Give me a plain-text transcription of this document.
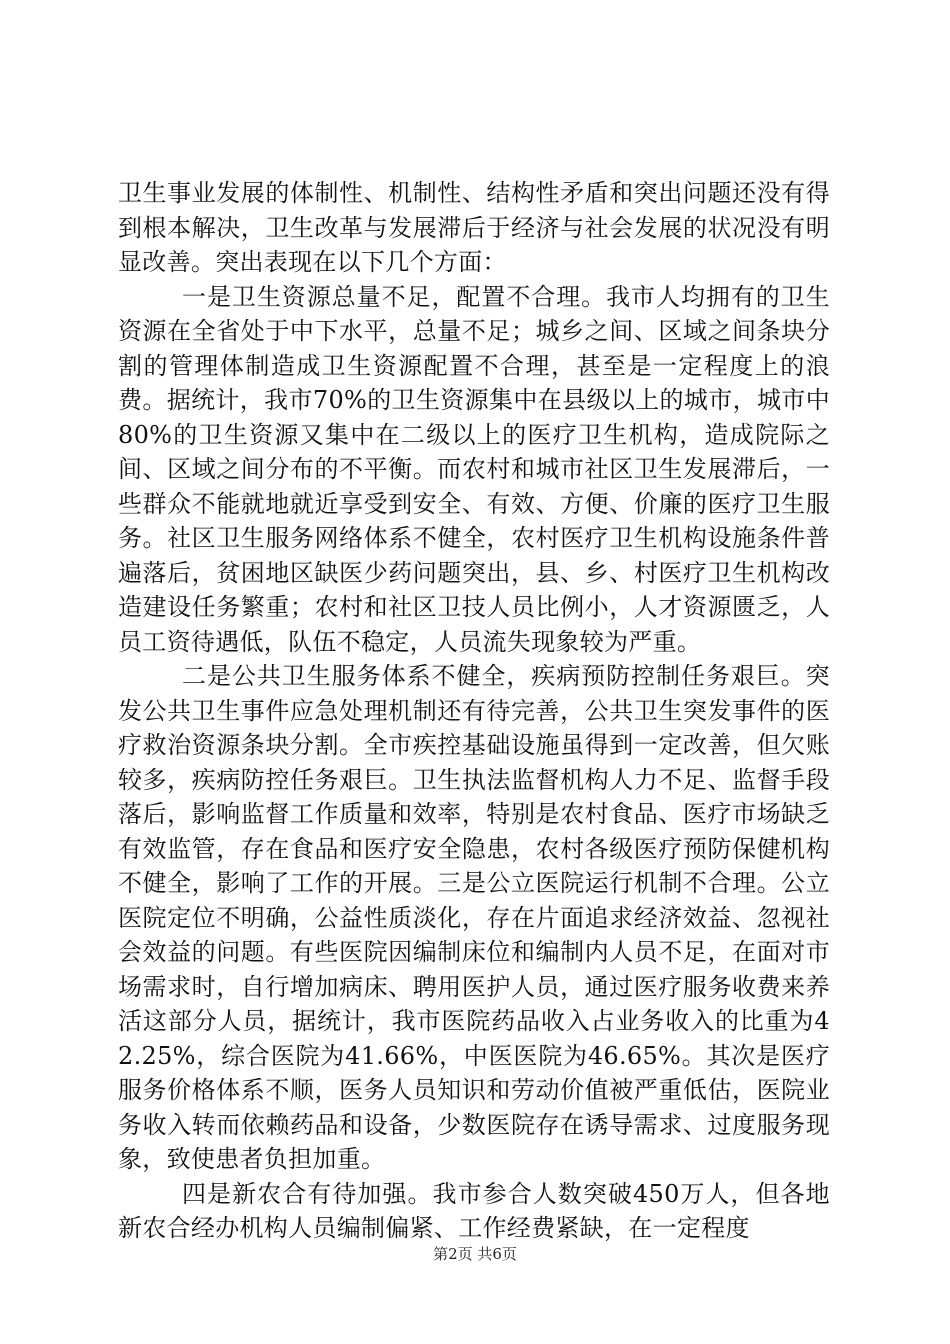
卫生事业发展的体制性、机制性、结构性矛盾和突出问题还没有得到根本解决，卫生改革与发展滞后于经济与社会发展的状况没有明显改善。突出表现在以下几个方面：

一是卫生资源总量不足，配置不合理。我市人均拥有的卫生资源在全省处于中下水平，总量不足；城乡之间、区域之间条块分割的管理体制造成卫生资源配置不合理，甚至是一定程度上的浪费。据统计，我市70%的卫生资源集中在县级以上的城市，城市中80%的卫生资源又集中在二级以上的医疗卫生机构，造成院际之间、区域之间分布的不平衡。而农村和城市社区卫生发展滞后，一些群众不能就地就近享受到安全、有效、方便、价廉的医疗卫生服务。社区卫生服务网络体系不健全，农村医疗卫生机构设施条件普遍落后，贫困地区缺医少药问题突出，县、乡、村医疗卫生机构改造建设任务繁重；农村和社区卫技人员比例小，人才资源匮乏，人员工资待遇低，队伍不稳定，人员流失现象较为严重。

二是公共卫生服务体系不健全，疾病预防控制任务艰巨。突发公共卫生事件应急处理机制还有待完善，公共卫生突发事件的医疗救治资源条块分割。全市疾控基础设施虽得到一定改善，但欠账较多，疾病防控任务艰巨。卫生执法监督机构人力不足、监督手段落后，影响监督工作质量和效率，特别是农村食品、医疗市场缺乏有效监管，存在食品和医疗安全隐患，农村各级医疗预防保健机构不健全，影响了工作的开展。三是公立医院运行机制不合理。公立医院定位不明确，公益性质淡化，存在片面追求经济效益、忽视社会效益的问题。有些医院因编制床位和编制内人员不足，在面对市场需求时，自行增加病床、聘用医护人员，通过医疗服务收费来养活这部分人员，据统计，我市医院药品收入占业务收入的比重为42.25%，综合医院为41.66%，中医医院为46.65%。其次是医疗服务价格体系不顺，医务人员知识和劳动价值被严重低估，医院业务收入转而依赖药品和设备，少数医院存在诱导需求、过度服务现象，致使患者负担加重。

四是新农合有待加强。我市参合人数突破450万人，但各地新农合经办机构人员编制偏紧、工作经费紧缺，在一定程度

第2页 共6页
